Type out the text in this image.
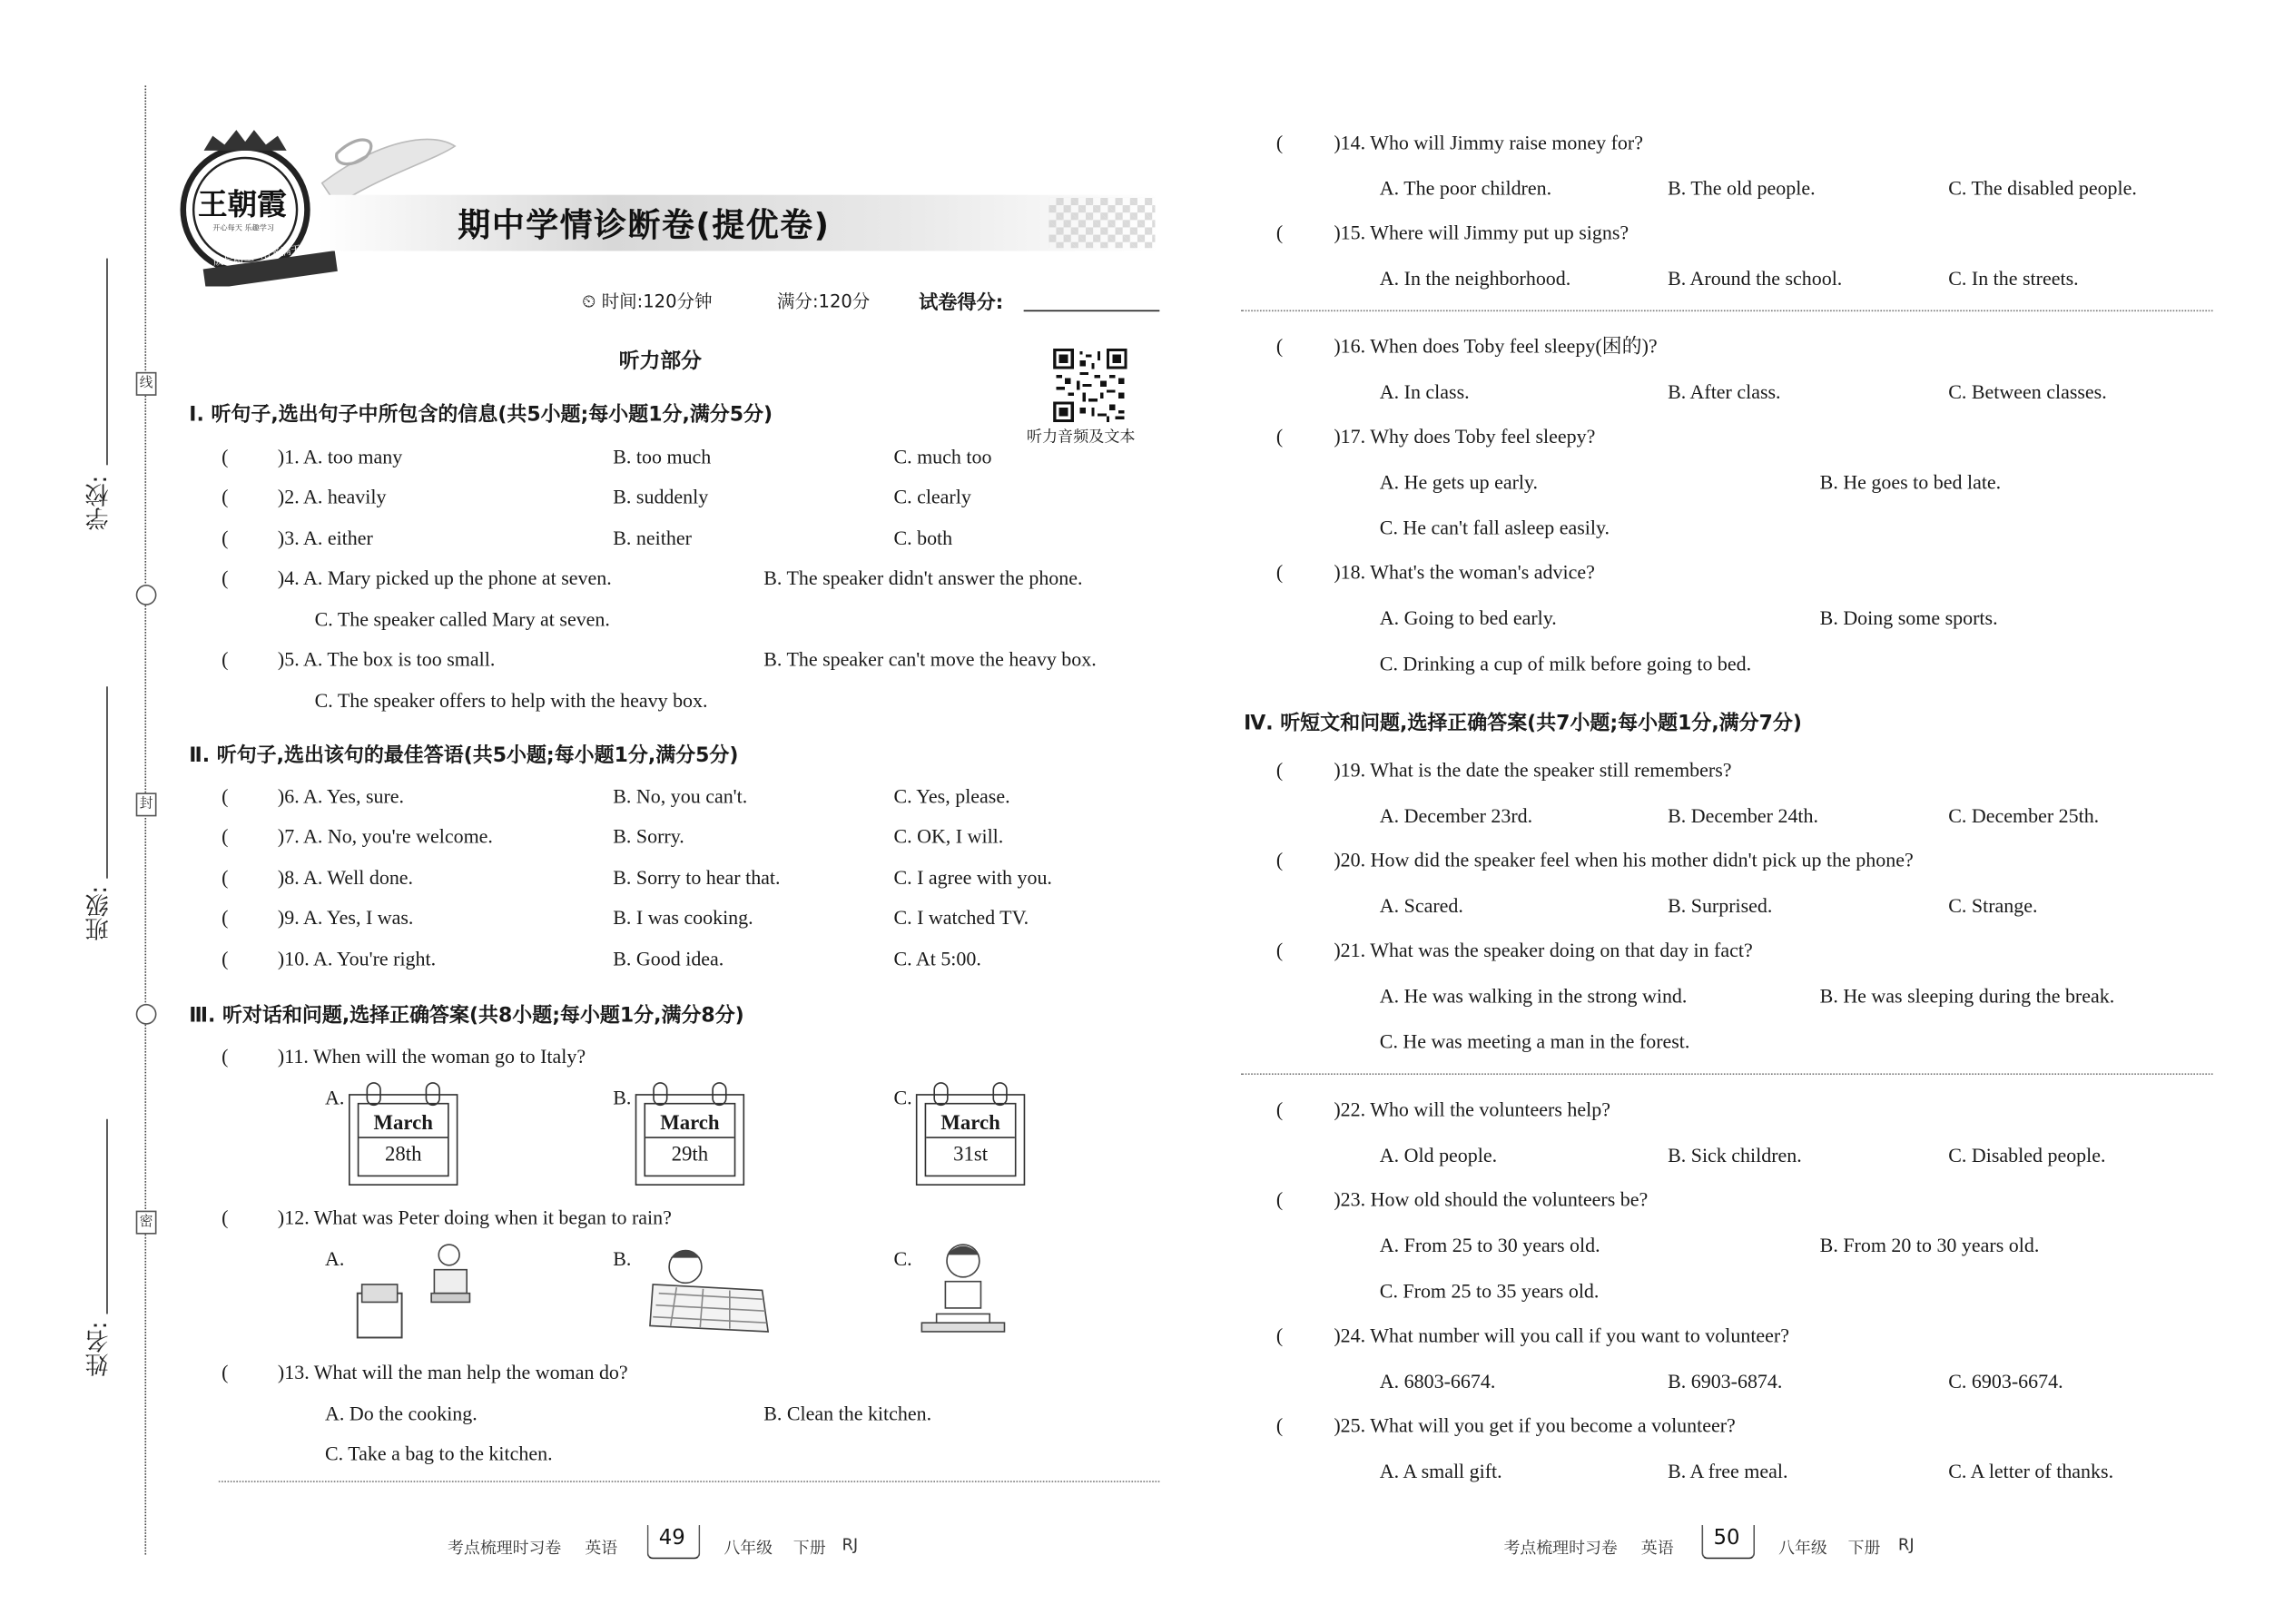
线
封
密
学校:
班级:
姓名:
王朝霞
开心每天 乐趣学习
成长路上 阳光满天
期中学情诊断卷(提优卷)
⏲ 时间:120分钟	满分:120分	试卷得分:
听力部分
听力音频及文本
Ⅰ. 听句子,选出句子中所包含的信息(共5小题;每小题1分,满分5分)
(	)1. A. too many	B. too much	C. much too
(	)2. A. heavily	B. suddenly	C. clearly
(	)3. A. either	B. neither	C. both
(	)4. A. Mary picked up the phone at seven.	B. The speaker didn't answer the phone.
C. The speaker called Mary at seven.
(	)5. A. The box is too small.	B. The speaker can't move the heavy box.
C. The speaker offers to help with the heavy box.
Ⅱ. 听句子,选出该句的最佳答语(共5小题;每小题1分,满分5分)
(	)6. A. Yes, sure.	B. No, you can't.	C. Yes, please.
(	)7. A. No, you're welcome.	B. Sorry.	C. OK, I will.
(	)8. A. Well done.	B. Sorry to hear that.	C. I agree with you.
(	)9. A. Yes, I was.	B. I was cooking.	C. I watched TV.
(	)10. A. You're right.	B. Good idea.	C. At 5:00.
Ⅲ. 听对话和问题,选择正确答案(共8小题;每小题1分,满分8分)
(	)11. When will the woman go to Italy?
A.	B.	C.
March
28th
March
29th
March
31st
(	)12. What was Peter doing when it began to rain?
A.	B.	C.
(	)13. What will the man help the woman do?
A. Do the cooking.	B. Clean the kitchen.
C. Take a bag to the kitchen.
考点梳理时习卷 英语	49	八年级 下册 RJ
(	)14. Who will Jimmy raise money for?
A. The poor children.	B. The old people.	C. The disabled people.
(	)15. Where will Jimmy put up signs?
A. In the neighborhood.	B. Around the school.	C. In the streets.
(	)16. When does Toby feel sleepy(困的)?
A. In class.	B. After class.	C. Between classes.
(	)17. Why does Toby feel sleepy?
A. He gets up early.	B. He goes to bed late.
C. He can't fall asleep easily.
(	)18. What's the woman's advice?
A. Going to bed early.	B. Doing some sports.
C. Drinking a cup of milk before going to bed.
Ⅳ. 听短文和问题,选择正确答案(共7小题;每小题1分,满分7分)
(	)19. What is the date the speaker still remembers?
A. December 23rd.	B. December 24th.	C. December 25th.
(	)20. How did the speaker feel when his mother didn't pick up the phone?
A. Scared.	B. Surprised.	C. Strange.
(	)21. What was the speaker doing on that day in fact?
A. He was walking in the strong wind.	B. He was sleeping during the break.
C. He was meeting a man in the forest.
(	)22. Who will the volunteers help?
A. Old people.	B. Sick children.	C. Disabled people.
(	)23. How old should the volunteers be?
A. From 25 to 30 years old.	B. From 20 to 30 years old.
C. From 25 to 35 years old.
(	)24. What number will you call if you want to volunteer?
A. 6803-6674.	B. 6903-6874.	C. 6903-6674.
(	)25. What will you get if you become a volunteer?
A. A small gift.	B. A free meal.	C. A letter of thanks.
考点梳理时习卷 英语	50	八年级 下册 RJ
